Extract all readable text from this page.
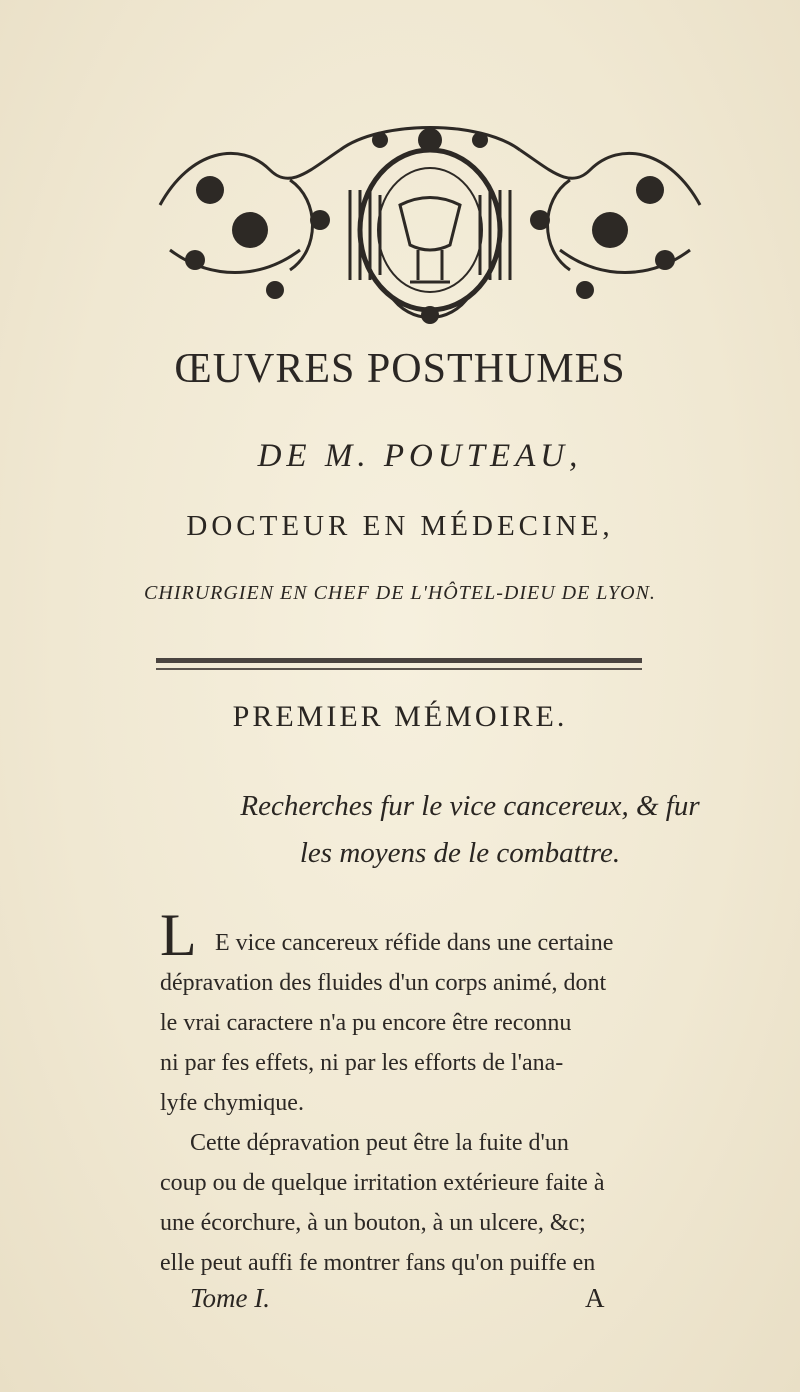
ŒUVRES POSTHUMES
DE M. POUTEAU,
DOCTEUR EN MÉDECINE,
CHIRURGIEN EN CHEF DE L'HÔTEL-DIEU DE LYON.
PREMIER MÉMOIRE.
Recherches fur le vice cancereux, & fur
les moyens de le combattre.
L E vice cancereux réfide dans une certaine
dépravation des fluides d'un corps animé, dont
le vrai caractere n'a pu encore être reconnu
ni par fes effets, ni par les efforts de l'ana-
lyfe chymique.
Cette dépravation peut être la fuite d'un
coup ou de quelque irritation extérieure faite à
une écorchure, à un bouton, à un ulcere, &c;
elle peut auffi fe montrer fans qu'on puiffe en
Tome I.	A
